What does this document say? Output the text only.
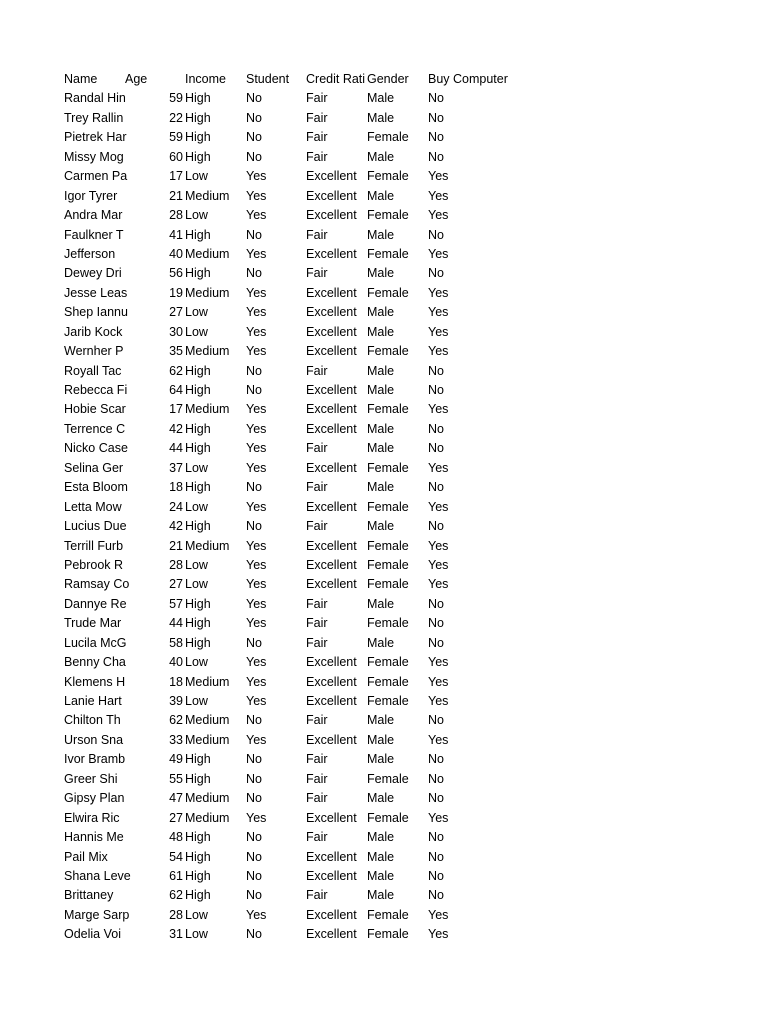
Name	Age	Income	Student	Credit Rati Gender	Buy Computer
Randal Hin	59 High	No	Fair	Male	No
Trey Rallin	22 High	No	Fair	Male	No
Pietrek Har	59 High	No	Fair	Female	No
Missy Mog	60 High	No	Fair	Male	No
Carmen Pa	17 Low	Yes	Excellent Female	Yes
Igor Tyrer	21 Medium	Yes	Excellent Male	Yes
Andra Mar	28 Low	Yes	Excellent Female	Yes
Faulkner T	41 High	No	Fair	Male	No
Jefferson	40 Medium	Yes	Excellent Female	Yes
Dewey Dri	56 High	No	Fair	Male	No
Jesse Leas	19 Medium	Yes	Excellent Female	Yes
Shep Iannu	27 Low	Yes	Excellent Male	Yes
Jarib Kock	30 Low	Yes	Excellent Male	Yes
Wernher P	35 Medium	Yes	Excellent Female	Yes
Royall Tac	62 High	No	Fair	Male	No
Rebecca Fi	64 High	No	Excellent Male	No
Hobie Scar	17 Medium	Yes	Excellent Female	Yes
Terrence C	42 High	Yes	Excellent Male	No
Nicko Case	44 High	Yes	Fair	Male	No
Selina Ger	37 Low	Yes	Excellent Female	Yes
Esta Bloom	18 High	No	Fair	Male	No
Letta Mow	24 Low	Yes	Excellent Female	Yes
Lucius Due	42 High	No	Fair	Male	No
Terrill Furb	21 Medium	Yes	Excellent Female	Yes
Pebrook R	28 Low	Yes	Excellent Female	Yes
Ramsay Co	27 Low	Yes	Excellent Female	Yes
Dannye Re	57 High	Yes	Fair	Male	No
Trude Mar	44 High	Yes	Fair	Female	No
Lucila McG	58 High	No	Fair	Male	No
Benny Cha	40 Low	Yes	Excellent Female	Yes
Klemens H	18 Medium	Yes	Excellent Female	Yes
Lanie Hart	39 Low	Yes	Excellent Female	Yes
Chilton Th	62 Medium	No	Fair	Male	No
Urson Sna	33 Medium	Yes	Excellent Male	Yes
Ivor Bramb	49 High	No	Fair	Male	No
Greer Shi	55 High	No	Fair	Female	No
Gipsy Plan	47 Medium	No	Fair	Male	No
Elwira Ric	27 Medium	Yes	Excellent Female	Yes
Hannis Me	48 High	No	Fair	Male	No
Pail Mix	54 High	No	Excellent Male	No
Shana Leve	61 High	No	Excellent Male	No
Brittaney	62 High	No	Fair	Male	No
Marge Sarp	28 Low	Yes	Excellent Female	Yes
Odelia Voi	31 Low	No	Excellent Female	Yes
